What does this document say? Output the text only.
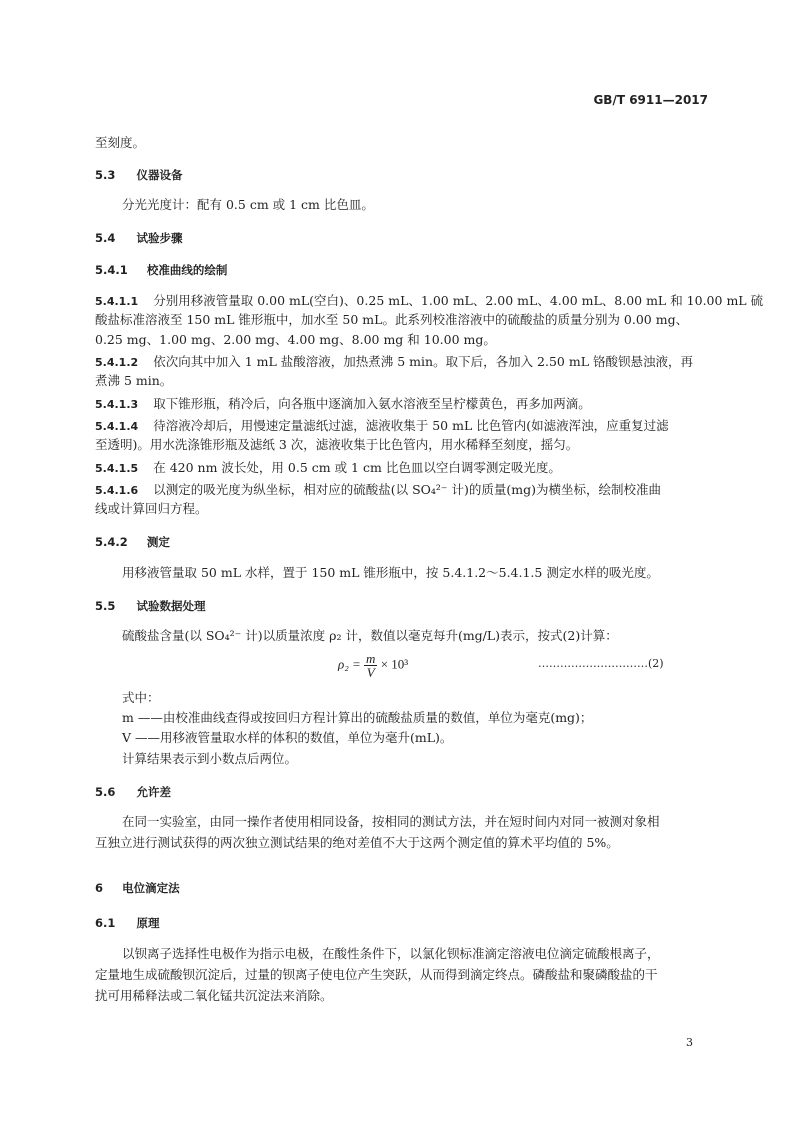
GB/T 6911—2017
至刻度。
5.3 仪器设备
分光光度计：配有 0.5 cm 或 1 cm 比色皿。
5.4 试验步骤
5.4.1 校准曲线的绘制
5.4.1.1 分别用移液管量取 0.00 mL(空白)、0.25 mL、1.00 mL、2.00 mL、4.00 mL、8.00 mL 和 10.00 mL 硫
酸盐标准溶液至 150 mL 锥形瓶中，加水至 50 mL。此系列校准溶液中的硫酸盐的质量分别为 0.00 mg、
0.25 mg、1.00 mg、2.00 mg、4.00 mg、8.00 mg 和 10.00 mg。
5.4.1.2 依次向其中加入 1 mL 盐酸溶液，加热煮沸 5 min。取下后，各加入 2.50 mL 铬酸钡悬浊液，再
煮沸 5 min。
5.4.1.3 取下锥形瓶，稍冷后，向各瓶中逐滴加入氨水溶液至呈柠檬黄色，再多加两滴。
5.4.1.4 待溶液冷却后，用慢速定量滤纸过滤，滤液收集于 50 mL 比色管内(如滤液浑浊，应重复过滤
至透明)。用水洗涤锥形瓶及滤纸 3 次，滤液收集于比色管内，用水稀释至刻度，摇匀。
5.4.1.5 在 420 nm 波长处，用 0.5 cm 或 1 cm 比色皿以空白调零测定吸光度。
5.4.1.6 以测定的吸光度为纵坐标，相对应的硫酸盐(以 SO₄²⁻ 计)的质量(mg)为横坐标，绘制校准曲
线或计算回归方程。
5.4.2 测定
用移液管量取 50 mL 水样，置于 150 mL 锥形瓶中，按 5.4.1.2～5.4.1.5 测定水样的吸光度。
5.5 试验数据处理
硫酸盐含量(以 SO₄²⁻ 计)以质量浓度 ρ₂ 计，数值以毫克每升(mg/L)表示，按式(2)计算：
$\rho_2 = \frac{m}{V} \times 10^3$	…………………………(2)
式中：
m ——由校准曲线查得或按回归方程计算出的硫酸盐质量的数值，单位为毫克(mg)；
V ——用移液管量取水样的体积的数值，单位为毫升(mL)。
计算结果表示到小数点后两位。
5.6 允许差
在同一实验室，由同一操作者使用相同设备，按相同的测试方法，并在短时间内对同一被测对象相
互独立进行测试获得的两次独立测试结果的绝对差值不大于这两个测定值的算术平均值的 5%。
6 电位滴定法
6.1 原理
以钡离子选择性电极作为指示电极，在酸性条件下，以氯化钡标准滴定溶液电位滴定硫酸根离子，
定量地生成硫酸钡沉淀后，过量的钡离子使电位产生突跃，从而得到滴定终点。磷酸盐和聚磷酸盐的干
扰可用稀释法或二氧化锰共沉淀法来消除。
3
